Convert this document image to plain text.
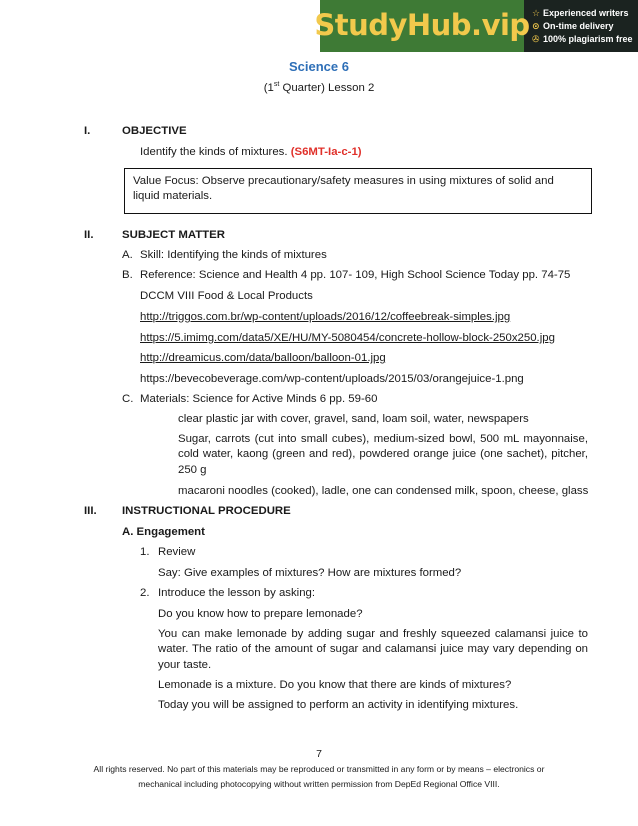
StudyHub.vip ☆ Experienced writers
⊙ On-time delivery
✇ 100% plagiarism free
Science 6
(1st Quarter) Lesson 2
I.	OBJECTIVE
Identify the kinds of mixtures. (S6MT-Ia-c-1)
Value Focus: Observe precautionary/safety measures in using mixtures of solid and liquid materials.
II.	SUBJECT MATTER
A. Skill: Identifying the kinds of mixtures
B. Reference: Science and Health 4 pp. 107- 109, High School Science Today pp. 74-75
DCCM VIII Food & Local Products
http://triggos.com.br/wp-content/uploads/2016/12/coffeebreak-simples.jpg
https://5.imimg.com/data5/XE/HU/MY-5080454/concrete-hollow-block-250x250.jpg
http://dreamicus.com/data/balloon/balloon-01.jpg
https://bevecobeverage.com/wp-content/uploads/2015/03/orangejuice-1.png
C. Materials: Science for Active Minds 6 pp. 59-60
clear plastic jar with cover, gravel, sand, loam soil, water, newspapers
Sugar, carrots (cut into small cubes), medium-sized bowl, 500 mL mayonnaise, cold water, kaong (green and red), powdered orange juice (one sachet), pitcher, 250 g
macaroni noodles (cooked), ladle, one can condensed milk, spoon, cheese, glass
III. INSTRUCTIONAL PROCEDURE
A. Engagement
1. Review
Say: Give examples of mixtures? How are mixtures formed?
2. Introduce the lesson by asking:
Do you know how to prepare lemonade?
You can make lemonade by adding sugar and freshly squeezed calamansi juice to water. The ratio of the amount of sugar and calamansi juice may vary depending on your taste.
Lemonade is a mixture. Do you know that there are kinds of mixtures?
Today you will be assigned to perform an activity in identifying mixtures.
7
All rights reserved. No part of this materials may be reproduced or transmitted in any form or by means – electronics or
mechanical including photocopying without written permission from DepEd Regional Office VIII.
